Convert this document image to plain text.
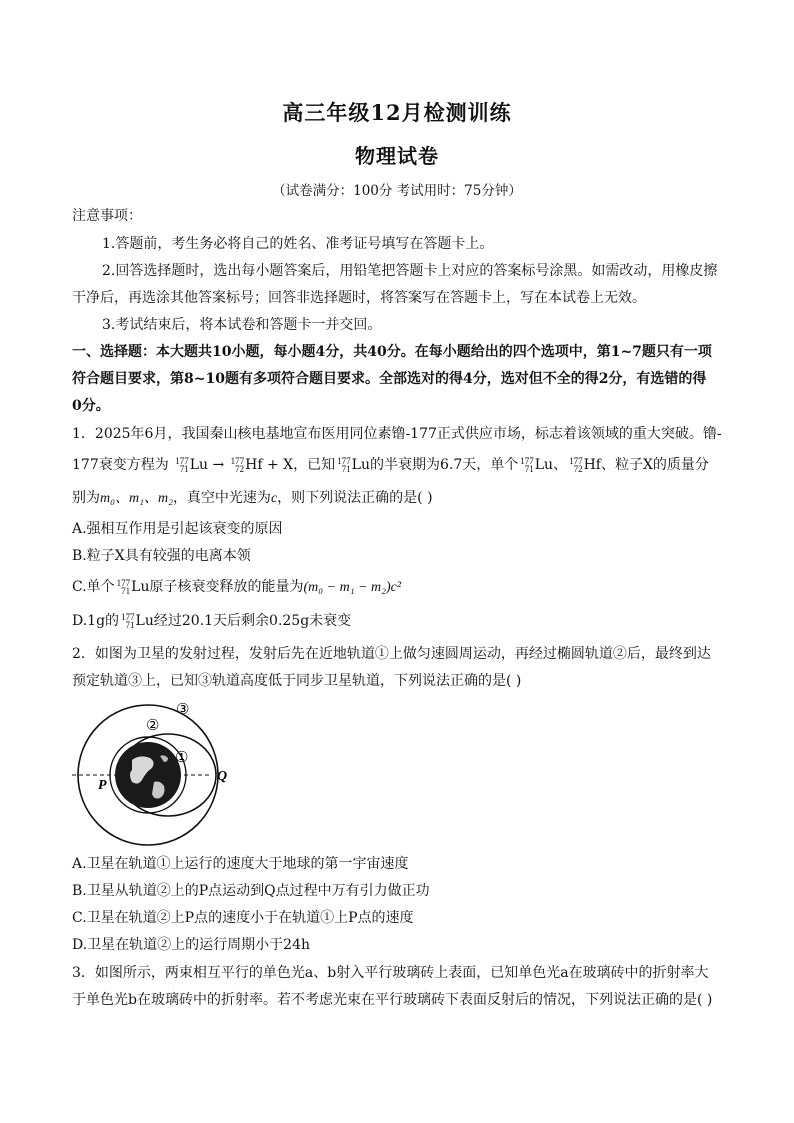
高三年级12月检测训练
物理试卷
（试卷满分：100分 考试用时：75分钟）
注意事项：
1.答题前，考生务必将自己的姓名、准考证号填写在答题卡上。
2.回答选择题时，选出每小题答案后，用铅笔把答题卡上对应的答案标号涂黑。如需改动，用橡皮擦
干净后，再选涂其他答案标号；回答非选择题时，将答案写在答题卡上，写在本试卷上无效。
3.考试结束后，将本试卷和答题卡一并交回。
一、选择题：本大题共10小题，每小题4分，共40分。在每小题给出的四个选项中，第1~7题只有一项
符合题目要求，第8~10题有多项符合题目要求。全部选对的得4分，选对但不全的得2分，有选错的得
0分。
1．2025年6月，我国秦山核电基地宣布医用同位素镥-177正式供应市场，标志着该领域的重大突破。镥-
177衰变方程为 177
71 Lu → 177
72 Hf + X，已知 177
71 Lu的半衰期为6.7天，单个 177
71 Lu、 177
72 Hf、粒子X的质量分
别为m₀、m₁、m₂，真空中光速为c，则下列说法正确的是( )
A.强相互作用是引起该衰变的原因
B.粒子X具有较强的电离本领
C.单个 177
71 Lu原子核衰变释放的能量为(m₀ − m₁ − m₂)c²
D.1g的 177
71 Lu经过20.1天后剩余0.25g未衰变
2．如图为卫星的发射过程，发射后先在近地轨道①上做匀速圆周运动，再经过椭圆轨道②后，最终到达
预定轨道③上，已知③轨道高度低于同步卫星轨道，下列说法正确的是( )
①
②
③
P
Q
A.卫星在轨道①上运行的速度大于地球的第一宇宙速度
B.卫星从轨道②上的P点运动到Q点过程中万有引力做正功
C.卫星在轨道②上P点的速度小于在轨道①上P点的速度
D.卫星在轨道②上的运行周期小于24h
3．如图所示，两束相互平行的单色光a、b射入平行玻璃砖上表面，已知单色光a在玻璃砖中的折射率大
于单色光b在玻璃砖中的折射率。若不考虑光束在平行玻璃砖下表面反射后的情况，下列说法正确的是( )
